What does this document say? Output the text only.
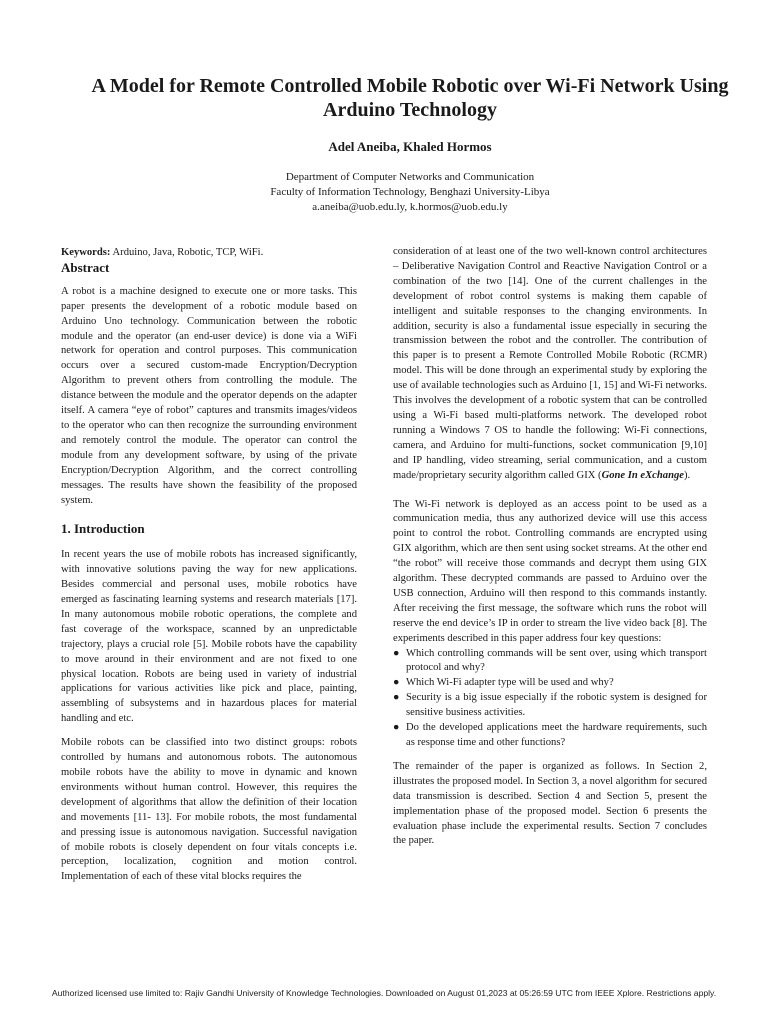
A Model for Remote Controlled Mobile Robotic over Wi-Fi Network Using Arduino Technology
Adel Aneiba, Khaled Hormos
Department of Computer Networks and Communication
Faculty of Information Technology, Benghazi University-Libya
a.aneiba@uob.edu.ly, k.hormos@uob.edu.ly

Keywords: Arduino, Java, Robotic, TCP, WiFi.

Abstract

A robot is a machine designed to execute one or more tasks. This paper presents the development of a robotic module based on Arduino Uno technology. Communication between the robotic module and the operator (an end-user device) is done via a WiFi network for operation and control purposes. This communication occurs over a secured custom-made Encryption/Decryption Algorithm to prevent others from controlling the module. The distance between the module and the operator depends on the adapter itself. A camera “eye of robot” captures and transmits images/videos to the operator who can then recognize the surrounding environment and remotely control the module. The operator can control the module from any development software, by using of the private Encryption/Decryption Algorithm, and the correct controlling messages. The results have shown the feasibility of the proposed system.

1. Introduction

In recent years the use of mobile robots has increased significantly, with innovative solutions paving the way for new applications. Besides commercial and personal uses, mobile robotics have emerged as fascinating learning systems and research materials [17]. In many autonomous mobile robotic operations, the complete and fast coverage of the workspace, scanned by an unpredictable trajectory, plays a crucial role [5]. Mobile robots have the capability to move around in their environment and are not fixed to one physical location. Robots are being used in variety of industrial applications for various activities like pick and place, painting, assembling of subsystems and in hazardous places for material handling and etc.

Mobile robots can be classified into two distinct groups: robots controlled by humans and autonomous robots. The autonomous mobile robots have the ability to move in dynamic and known environments without human control. However, this requires the development of algorithms that allow the definition of their location and movements [11- 13]. For mobile robots, the most fundamental and pressing issue is autonomous navigation. Successful navigation of mobile robots is closely dependent on four vitals concepts i.e. perception, localization, cognition and motion control. Implementation of each of these vital blocks requires the

consideration of at least one of the two well-known control architectures – Deliberative Navigation Control and Reactive Navigation Control or a combination of the two [14]. One of the current challenges in the development of robot control systems is making them capable of intelligent and suitable responses to the changing environments. In addition, security is also a fundamental issue especially in securing the transmission between the robot and the controller. The contribution of this paper is to present a Remote Controlled Mobile Robotic (RCMR) model. This will be done through an experimental study by exploring the use of available technologies such as Arduino [1, 15] and Wi-Fi networks. This involves the development of a robotic system that can be controlled using a Wi-Fi based multi-platforms network. The developed robot running a Windows 7 OS to handle the following: Wi-Fi connections, camera, and Arduino for multi-functions, socket communication [9,10] and IP handling, video streaming, serial communication, and a custom made/proprietary security algorithm called GIX (Gone In eXchange).

The Wi-Fi network is deployed as an access point to be used as a communication media, thus any authorized device will use this access point to control the robot. Controlling commands are encrypted using GIX algorithm, which are then sent using socket streams. At the other end “the robot” will receive those commands and decrypt them using GIX algorithm. These decrypted commands are passed to Arduino over the USB connection, Arduino will then respond to this commands instantly. After receiving the first message, the software which runs the robot will reserve the end device’s IP in order to stream the live video back [8]. The experiments described in this paper address four key questions:

● Which controlling commands will be sent over, using which transport protocol and why?
● Which Wi-Fi adapter type will be used and why?
● Security is a big issue especially if the robotic system is designed for sensitive business activities.
● Do the developed applications meet the hardware requirements, such as response time and other functions?

The remainder of the paper is organized as follows. In Section 2, illustrates the proposed model. In Section 3, a novel algorithm for secured data transmission is described. Section 4 and Section 5, present the implementation phase of the proposed model. Section 6 presents the evaluation phase include the experimental results. Section 7 concludes the paper.

Authorized licensed use limited to: Rajiv Gandhi University of Knowledge Technologies. Downloaded on August 01,2023 at 05:26:59 UTC from IEEE Xplore. Restrictions apply.
